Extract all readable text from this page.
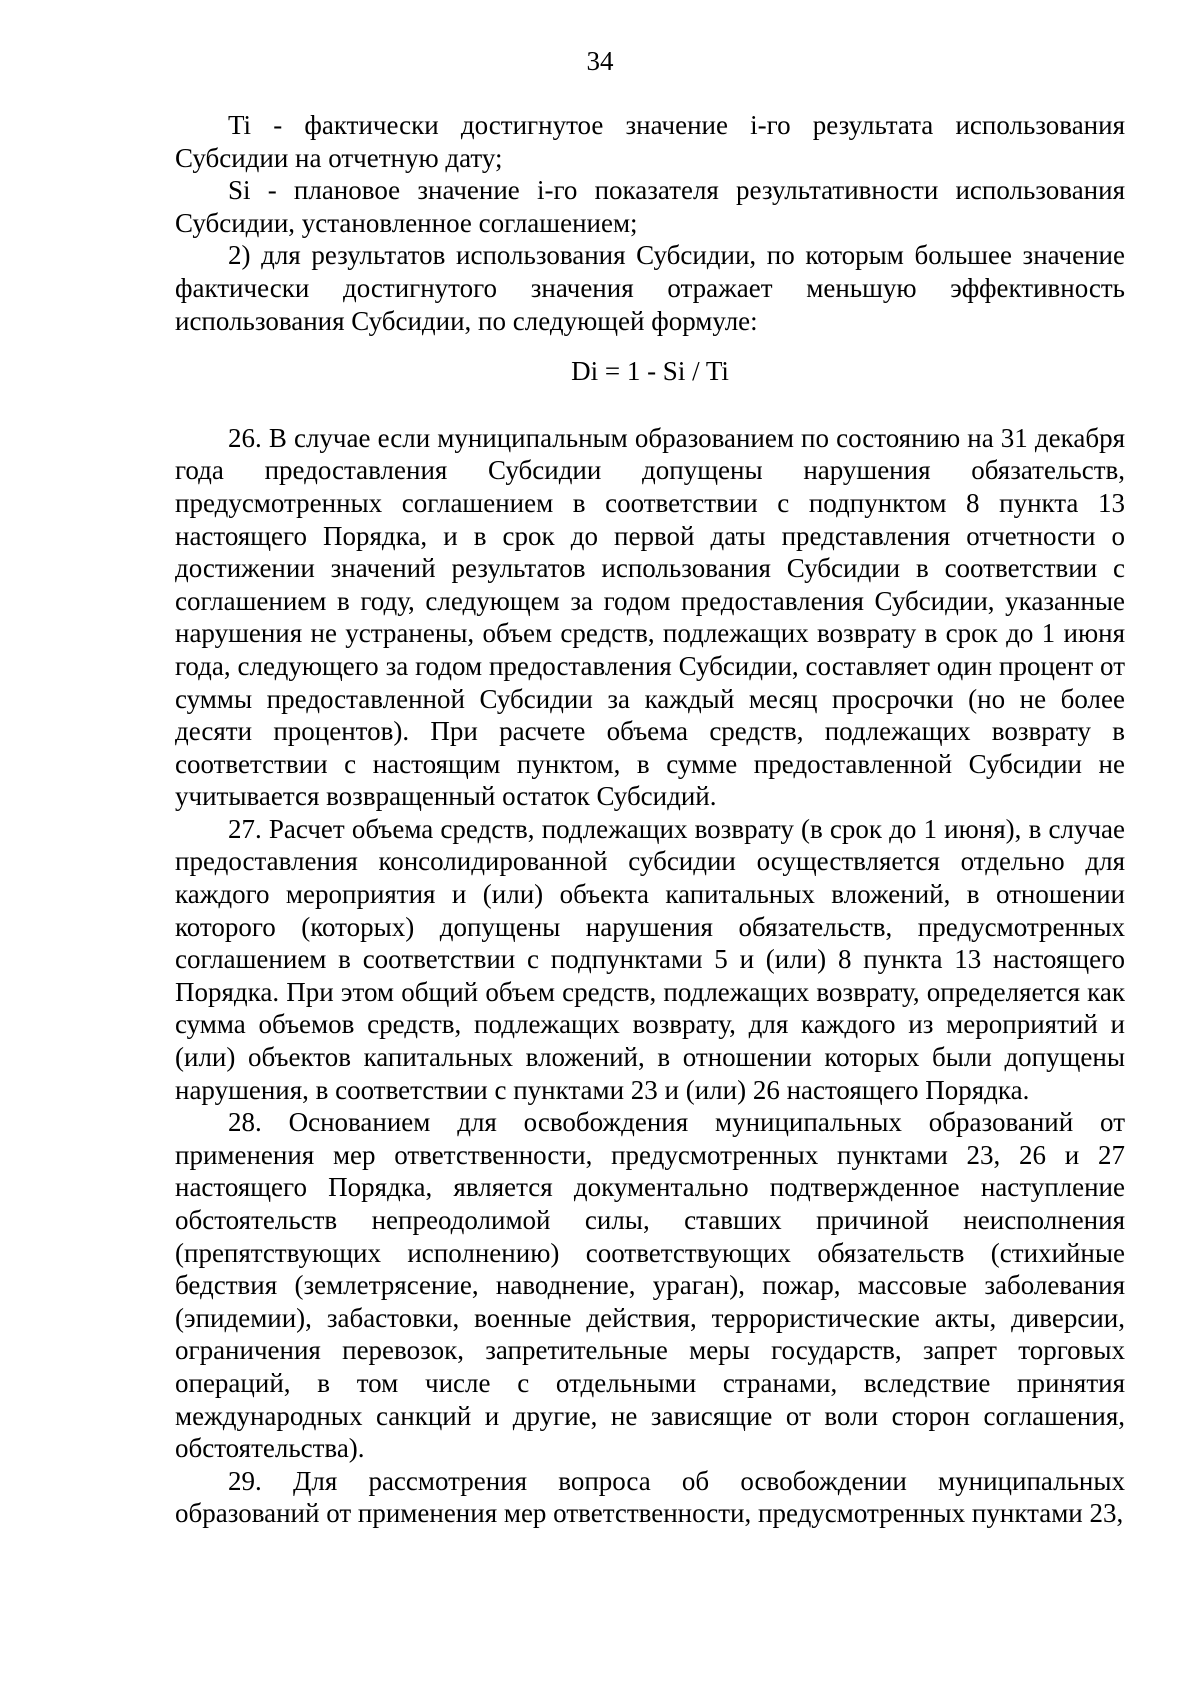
34

Ti - фактически достигнутое значение i-го результата использования Субсидии на отчетную дату;

Si - плановое значение i-го показателя результативности использования Субсидии, установленное соглашением;

2) для результатов использования Субсидии, по которым большее значение фактически достигнутого значения отражает меньшую эффективность использования Субсидии, по следующей формуле:

Di = 1 - Si / Ti

26. В случае если муниципальным образованием по состоянию на 31 декабря года предоставления Субсидии допущены нарушения обязательств, предусмотренных соглашением в соответствии с подпунктом 8 пункта 13 настоящего Порядка, и в срок до первой даты представления отчетности о достижении значений результатов использования Субсидии в соответствии с соглашением в году, следующем за годом предоставления Субсидии, указанные нарушения не устранены, объем средств, подлежащих возврату в срок до 1 июня года, следующего за годом предоставления Субсидии, составляет один процент от суммы предоставленной Субсидии за каждый месяц просрочки (но не более десяти процентов). При расчете объема средств, подлежащих возврату в соответствии с настоящим пунктом, в сумме предоставленной Субсидии не учитывается возвращенный остаток Субсидий.

27. Расчет объема средств, подлежащих возврату (в срок до 1 июня), в случае предоставления консолидированной субсидии осуществляется отдельно для каждого мероприятия и (или) объекта капитальных вложений, в отношении которого (которых) допущены нарушения обязательств, предусмотренных соглашением в соответствии с подпунктами 5 и (или) 8 пункта 13 настоящего Порядка. При этом общий объем средств, подлежащих возврату, определяется как сумма объемов средств, подлежащих возврату, для каждого из мероприятий и (или) объектов капитальных вложений, в отношении которых были допущены нарушения, в соответствии с пунктами 23 и (или) 26 настоящего Порядка.

28. Основанием для освобождения муниципальных образований от применения мер ответственности, предусмотренных пунктами 23, 26 и 27 настоящего Порядка, является документально подтвержденное наступление обстоятельств непреодолимой силы, ставших причиной неисполнения (препятствующих исполнению) соответствующих обязательств (стихийные бедствия (землетрясение, наводнение, ураган), пожар, массовые заболевания (эпидемии), забастовки, военные действия, террористические акты, диверсии, ограничения перевозок, запретительные меры государств, запрет торговых операций, в том числе с отдельными странами, вследствие принятия международных санкций и другие, не зависящие от воли сторон соглашения, обстоятельства).

29. Для рассмотрения вопроса об освобождении муниципальных образований от применения мер ответственности, предусмотренных пунктами 23,
